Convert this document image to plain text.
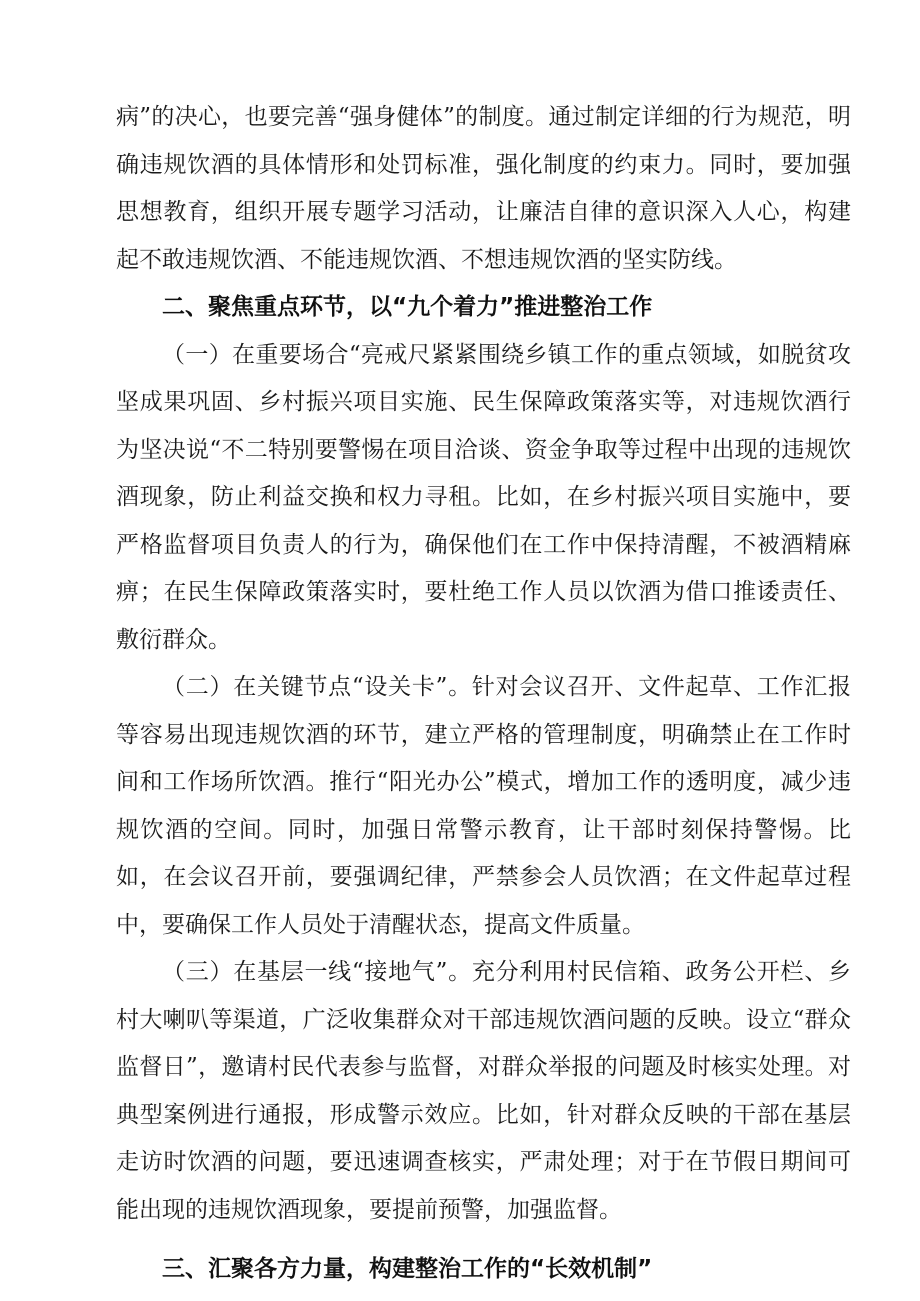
病”的决心，也要完善“强身健体”的制度。通过制定详细的行为规范，明确违规饮酒的具体情形和处罚标准，强化制度的约束力。同时，要加强思想教育，组织开展专题学习活动，让廉洁自律的意识深入人心，构建起不敢违规饮酒、不能违规饮酒、不想违规饮酒的坚实防线。

二、聚焦重点环节，以“九个着力”推进整治工作

（一）在重要场合“亮戒尺紧紧围绕乡镇工作的重点领域，如脱贫攻坚成果巩固、乡村振兴项目实施、民生保障政策落实等，对违规饮酒行为坚决说“不二特别要警惕在项目洽谈、资金争取等过程中出现的违规饮酒现象，防止利益交换和权力寻租。比如，在乡村振兴项目实施中，要严格监督项目负责人的行为，确保他们在工作中保持清醒，不被酒精麻痹；在民生保障政策落实时，要杜绝工作人员以饮酒为借口推诿责任、敷衍群众。

（二）在关键节点“设关卡”。针对会议召开、文件起草、工作汇报等容易出现违规饮酒的环节，建立严格的管理制度，明确禁止在工作时间和工作场所饮酒。推行“阳光办公”模式，增加工作的透明度，减少违规饮酒的空间。同时，加强日常警示教育，让干部时刻保持警惕。比如，在会议召开前，要强调纪律，严禁参会人员饮酒；在文件起草过程中，要确保工作人员处于清醒状态，提高文件质量。

（三）在基层一线“接地气”。充分利用村民信箱、政务公开栏、乡村大喇叭等渠道，广泛收集群众对干部违规饮酒问题的反映。设立“群众监督日”，邀请村民代表参与监督，对群众举报的问题及时核实处理。对典型案例进行通报，形成警示效应。比如，针对群众反映的干部在基层走访时饮酒的问题，要迅速调查核实，严肃处理；对于在节假日期间可能出现的违规饮酒现象，要提前预警，加强监督。

三、汇聚各方力量，构建整治工作的“长效机制”
